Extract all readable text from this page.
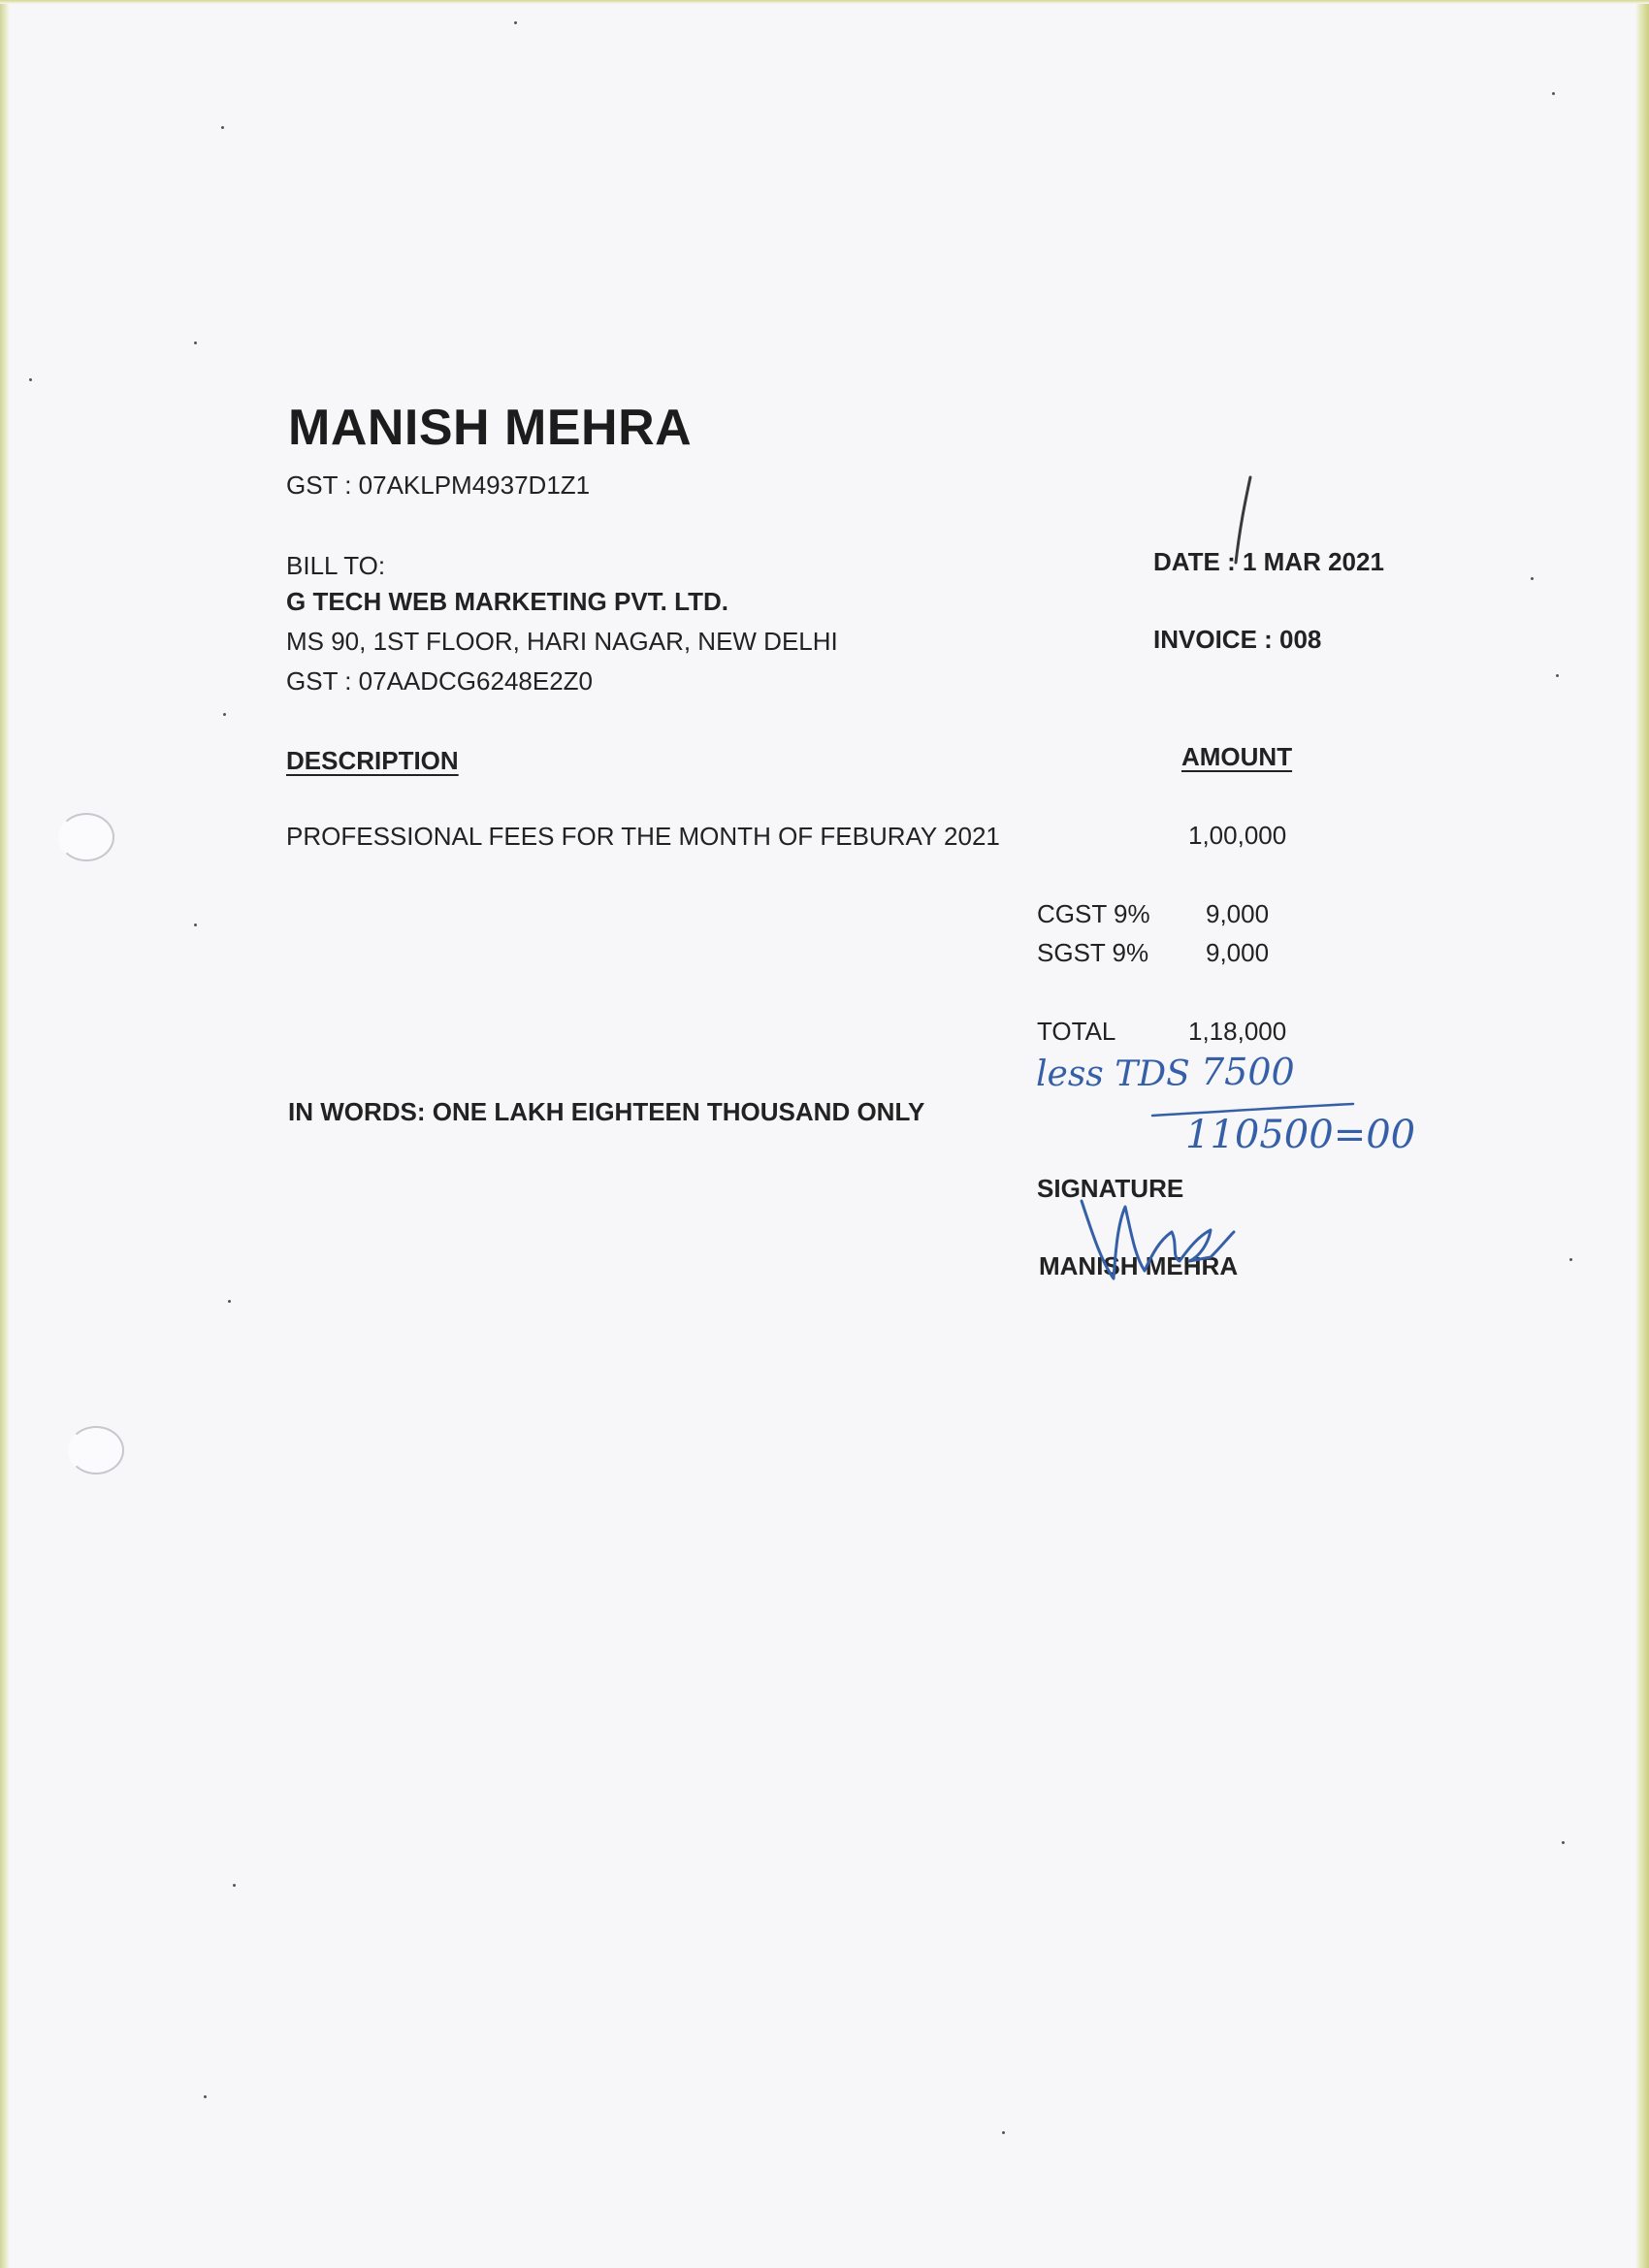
MANISH MEHRA
GST : 07AKLPM4937D1Z1
BILL TO:
G TECH WEB MARKETING PVT. LTD.
MS 90, 1ST FLOOR, HARI NAGAR, NEW DELHI
GST : 07AADCG6248E2Z0
DATE : 1 MAR 2021
INVOICE : 008
DESCRIPTION	AMOUNT
PROFESSIONAL FEES FOR THE MONTH OF FEBURAY 2021	1,00,000
CGST 9% 9,000
SGST 9% 9,000
TOTAL	1,18,000
less TDS 7500
110500=00
IN WORDS: ONE LAKH EIGHTEEN THOUSAND ONLY
SIGNATURE
MANISH MEHRA
